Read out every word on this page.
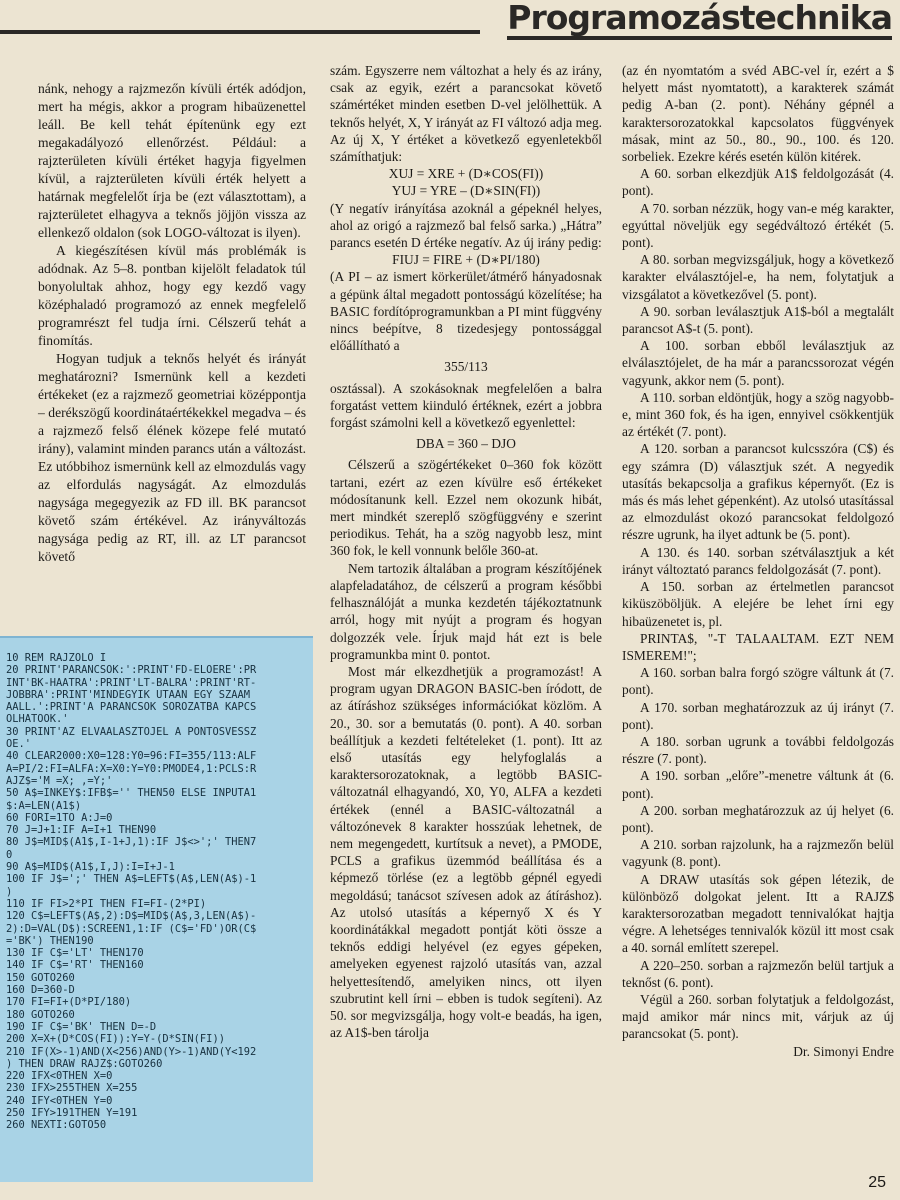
Programozástechnika

nánk, nehogy a rajzmezőn kívüli érték adódjon, mert ha mégis, akkor a program hibaüzenettel leáll. Be kell tehát építenünk egy ezt megakadályozó ellenőrzést. Például: a rajzterületen kívüli értéket hagyja figyelmen kívül, a rajzterületen kívüli érték helyett a határnak megfelelőt írja be (ezt választottam), a rajzterületet elhagyva a teknős jöjjön vissza az ellenkező oldalon (sok LOGO-változat is ilyen).

A kiegészítésen kívül más problémák is adódnak. Az 5–8. pontban kijelölt feladatok túl bonyolultak ahhoz, hogy egy kezdő vagy középhaladó programozó az ennek megfelelő programrészt fel tudja írni. Célszerű tehát a finomítás.

Hogyan tudjuk a teknős helyét és irányát meghatározni? Ismernünk kell a kezdeti értékeket (ez a rajzmező geometriai középpontja – derékszögű koordinátaértékekkel megadva – és a rajzmező felső élének közepe felé mutató irány), valamint minden parancs után a változást. Ez utóbbihoz ismernünk kell az elmozdulás vagy az elfordulás nagyságát. Az elmozdulás nagysága megegyezik az FD ill. BK parancsot követő szám értékével. Az irányváltozás nagysága pedig az RT, ill. az LT parancsot követő

10 REM RAJZOLO I
20 PRINT'PARANCSOK:':PRINT'FD-ELOERE':PR
INT'BK-HAATRA':PRINT'LT-BALRA':PRINT'RT-
JOBBRA':PRINT'MINDEGYIK UTAAN EGY SZAAM
AALL.':PRINT'A PARANCSOK SOROZATBA KAPCS
OLHATOOK.'
30 PRINT'AZ ELVAALASZTOJEL A PONTOSVESSZ
OE.'
40 CLEAR2000:X0=128:Y0=96:FI=355/113:ALF
A=PI/2:FI=ALFA:X=X0:Y=Y0:PMODE4,1:PCLS:R
AJZ$='M =X; ,=Y;'
50 A$=INKEY$:IFB$='' THEN50 ELSE INPUTA1
$:A=LEN(A1$)
60 FORI=1TO A:J=0
70 J=J+1:IF A=I+1 THEN90
80 J$=MID$(A1$,I-1+J,1):IF J$<>';' THEN7
0
90 A$=MID$(A1$,I,J):I=I+J-1
100 IF J$=';' THEN A$=LEFT$(A$,LEN(A$)-1
)
110 IF FI>2*PI THEN FI=FI-(2*PI)
120 C$=LEFT$(A$,2):D$=MID$(A$,3,LEN(A$)-
2):D=VAL(D$):SCREEN1,1:IF (C$='FD')OR(C$
='BK') THEN190
130 IF C$='LT' THEN170
140 IF C$='RT' THEN160
150 GOTO260
160 D=360-D
170 FI=FI+(D*PI/180)
180 GOTO260
190 IF C$='BK' THEN D=-D
200 X=X+(D*COS(FI)):Y=Y-(D*SIN(FI))
210 IF(X>-1)AND(X<256)AND(Y>-1)AND(Y<192
) THEN DRAW RAJZ$:GOTO260
220 IFX<0THEN X=0
230 IFX>255THEN X=255
240 IFY<0THEN Y=0
250 IFY>191THEN Y=191
260 NEXTI:GOTO50

szám. Egyszerre nem változhat a hely és az irány, csak az egyik, ezért a parancsokat követő számértéket minden esetben D-vel jelölhettük. A teknős helyét, X, Y irányát az FI változó adja meg. Az új X, Y értéket a következő egyenletekből számíthatjuk:

XUJ = XRE + (D∗COS(FI))

YUJ = YRE – (D∗SIN(FI))

(Y negatív irányítása azoknál a gépeknél helyes, ahol az origó a rajzmező bal felső sarka.) „Hátra” parancs esetén D értéke negatív. Az új irány pedig:

FIUJ = FIRE + (D∗PI/180)

(A PI – az ismert körkerület/átmérő hányadosnak a gépünk által megadott pontosságú közelítése; ha BASIC fordítóprogramunkban a PI mint függvény nincs beépítve, 8 tizedesjegy pontossággal előállítható a

355/113

osztással). A szokásoknak megfelelően a balra forgatást vettem kiinduló értéknek, ezért a jobbra forgást számolni kell a következő egyenlettel:

DBA = 360 – DJO

Célszerű a szögértékeket 0–360 fok között tartani, ezért az ezen kívülre eső értékeket módosítanunk kell. Ezzel nem okozunk hibát, mert mindkét szereplő szögfüggvény e szerint periodikus. Tehát, ha a szög nagyobb lesz, mint 360 fok, le kell vonnunk belőle 360-at.

Nem tartozik általában a program készítőjének alapfeladatához, de célszerű a program későbbi felhasználóját a munka kezdetén tájékoztatnunk arról, hogy mit nyújt a program és hogyan dolgozzék vele. Írjuk majd hát ezt is bele programunkba mint 0. pontot.

Most már elkezdhetjük a programozást! A program ugyan DRAGON BASIC-ben íródott, de az átíráshoz szükséges információkat közlöm. A 20., 30. sor a bemutatás (0. pont). A 40. sorban beállítjuk a kezdeti feltételeket (1. pont). Itt az első utasítás egy helyfoglalás a karaktersorozatoknak, a legtöbb BASIC-változatnál elhagyandó, X0, Y0, ALFA a kezdeti értékek (ennél a BASIC-változatnál a változónevek 8 karakter hosszúak lehetnek, de nem megengedett, kurtítsuk a nevet), a PMODE, PCLS a grafikus üzemmód beállítása és a képmező törlése (ez a legtöbb gépnél egyedi megoldású; tanácsot szívesen adok az átíráshoz). Az utolsó utasítás a képernyő X és Y koordinátákkal megadott pontját köti össze a teknős eddigi helyével (ez egyes gépeken, amelyeken egyenest rajzoló utasítás van, azzal helyettesítendő, amelyiken nincs, ott ilyen szubrutint kell írni – ebben is tudok segíteni). Az 50. sor megvizsgálja, hogy volt-e beadás, ha igen, az A1$-ben tárolja

(az én nyomtatóm a svéd ABC-vel ír, ezért a $ helyett mást nyomtatott), a karakterek számát pedig A-ban (2. pont). Néhány gépnél a karaktersorozatokkal kapcsolatos függvények másak, mint az 50., 80., 90., 100. és 120. sorbeliek. Ezekre kérés esetén külön kitérek.

A 60. sorban elkezdjük A1$ feldolgozását (4. pont).

A 70. sorban nézzük, hogy van-e még karakter, egyúttal növeljük egy segédváltozó értékét (5. pont).

A 80. sorban megvizsgáljuk, hogy a következő karakter elválasztójel-e, ha nem, folytatjuk a vizsgálatot a következővel (5. pont).

A 90. sorban leválasztjuk A1$-ból a megtalált parancsot A$-t (5. pont).

A 100. sorban ebből leválasztjuk az elválasztójelet, de ha már a parancssorozat végén vagyunk, akkor nem (5. pont).

A 110. sorban eldöntjük, hogy a szög nagyobb-e, mint 360 fok, és ha igen, ennyivel csökkentjük az értékét (7. pont).

A 120. sorban a parancsot kulcsszóra (C$) és egy számra (D) választjuk szét. A negyedik utasítás bekapcsolja a grafikus képernyőt. (Ez is más és más lehet gépenként). Az utolsó utasítással az elmozdulást okozó parancsokat feldolgozó részre ugrunk, ha ilyet adtunk be (5. pont).

A 130. és 140. sorban szétválasztjuk a két irányt változtató parancs feldolgozását (7. pont).

A 150. sorban az értelmetlen parancsot kiküszöböljük. A elejére be lehet írni egy hibaüzenetet is, pl.

PRINTA$, "-T TALAALTAM. EZT NEM ISMEREM!";

A 160. sorban balra forgó szögre váltunk át (7. pont).

A 170. sorban meghatározzuk az új irányt (7. pont).

A 180. sorban ugrunk a további feldolgozás részre (7. pont).

A 190. sorban „előre”-menetre váltunk át (6. pont).

A 200. sorban meghatározzuk az új helyet (6. pont).

A 210. sorban rajzolunk, ha a rajzmezőn belül vagyunk (8. pont).

A DRAW utasítás sok gépen létezik, de különböző dolgokat jelent. Itt a RAJZ$ karaktersorozatban megadott tennivalókat hajtja végre. A lehetséges tennivalók közül itt most csak a 40. sornál említett szerepel.

A 220–250. sorban a rajzmezőn belül tartjuk a teknőst (6. pont).

Végül a 260. sorban folytatjuk a feldolgozást, majd amikor már nincs mit, várjuk az új parancsokat (5. pont).

Dr. Simonyi Endre

25
